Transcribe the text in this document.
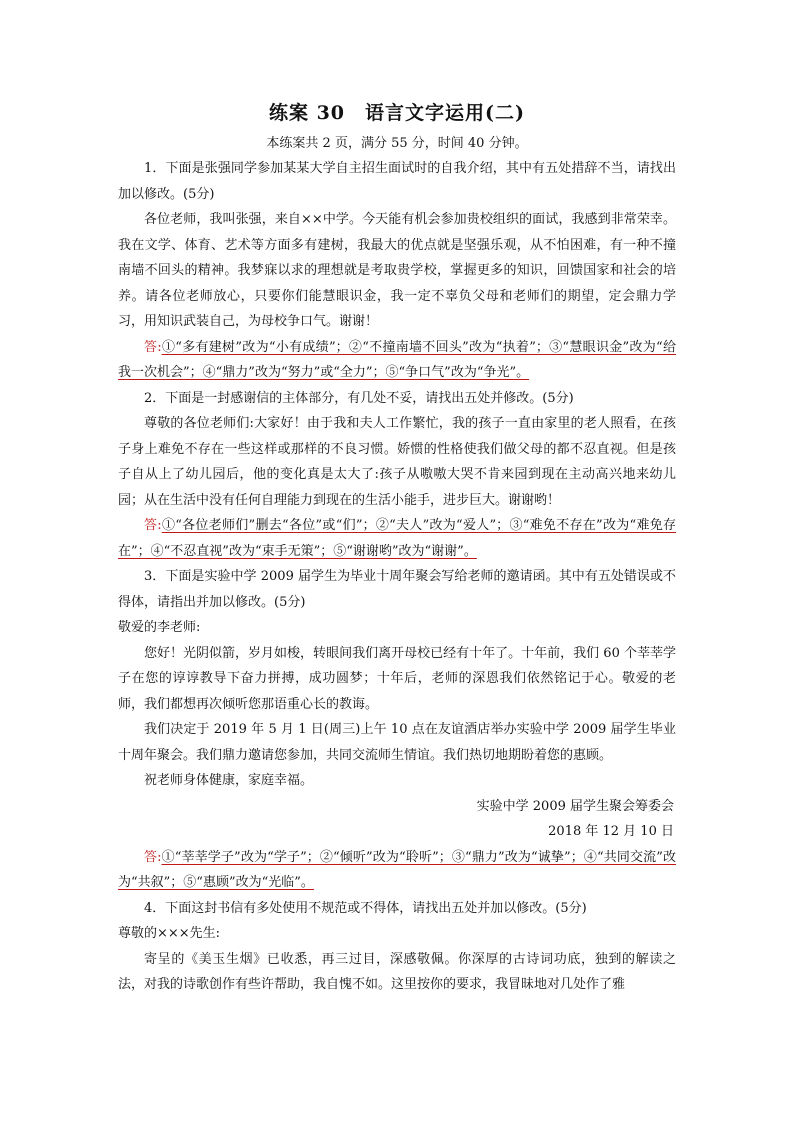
练案 30　语言文字运用(二)
本练案共 2 页，满分 55 分，时间 40 分钟。

1．下面是张强同学参加某某大学自主招生面试时的自我介绍，其中有五处措辞不当，请找出加以修改。(5分)

各位老师，我叫张强，来自××中学。今天能有机会参加贵校组织的面试，我感到非常荣幸。我在文学、体育、艺术等方面多有建树，我最大的优点就是坚强乐观，从不怕困难，有一种不撞南墙不回头的精神。我梦寐以求的理想就是考取贵学校，掌握更多的知识，回馈国家和社会的培养。请各位老师放心，只要你们能慧眼识金，我一定不辜负父母和老师们的期望，定会鼎力学习，用知识武装自己，为母校争口气。谢谢！

答:①“多有建树”改为“小有成绩”；②“不撞南墙不回头”改为“执着”；③“慧眼识金”改为“给我一次机会”；④“鼎力”改为“努力”或“全力”；⑤“争口气”改为“争光”。

2．下面是一封感谢信的主体部分，有几处不妥，请找出五处并修改。(5分)

尊敬的各位老师们:大家好！由于我和夫人工作繁忙，我的孩子一直由家里的老人照看，在孩子身上难免不存在一些这样或那样的不良习惯。娇惯的性格使我们做父母的都不忍直视。但是孩子自从上了幼儿园后，他的变化真是太大了:孩子从嗷嗷大哭不肯来园到现在主动高兴地来幼儿园；从在生活中没有任何自理能力到现在的生活小能手，进步巨大。谢谢哟！

答:①“各位老师们”删去“各位”或“们”；②“夫人”改为“爱人”；③“难免不存在”改为“难免存在”；④“不忍直视”改为“束手无策”；⑤“谢谢哟”改为“谢谢”。

3．下面是实验中学 2009 届学生为毕业十周年聚会写给老师的邀请函。其中有五处错误或不得体，请指出并加以修改。(5分)

敬爱的李老师:

您好！光阴似箭，岁月如梭，转眼间我们离开母校已经有十年了。十年前，我们 60 个莘莘学子在您的谆谆教导下奋力拼搏，成功圆梦；十年后，老师的深恩我们依然铭记于心。敬爱的老师，我们都想再次倾听您那语重心长的教诲。

我们决定于 2019 年 5 月 1 日(周三)上午 10 点在友谊酒店举办实验中学 2009 届学生毕业十周年聚会。我们鼎力邀请您参加，共同交流师生情谊。我们热切地期盼着您的惠顾。

祝老师身体健康，家庭幸福。

实验中学 2009 届学生聚会筹委会

2018 年 12 月 10 日

答:①“莘莘学子”改为“学子”；②“倾听”改为“聆听”；③“鼎力”改为“诚挚”；④“共同交流”改为“共叙”；⑤“惠顾”改为“光临”。

4．下面这封书信有多处使用不规范或不得体，请找出五处并加以修改。(5分)

尊敬的×××先生:

寄呈的《美玉生烟》已收悉，再三过目，深感敬佩。你深厚的古诗词功底，独到的解读之法，对我的诗歌创作有些许帮助，我自愧不如。这里按你的要求，我冒昧地对几处作了雅
